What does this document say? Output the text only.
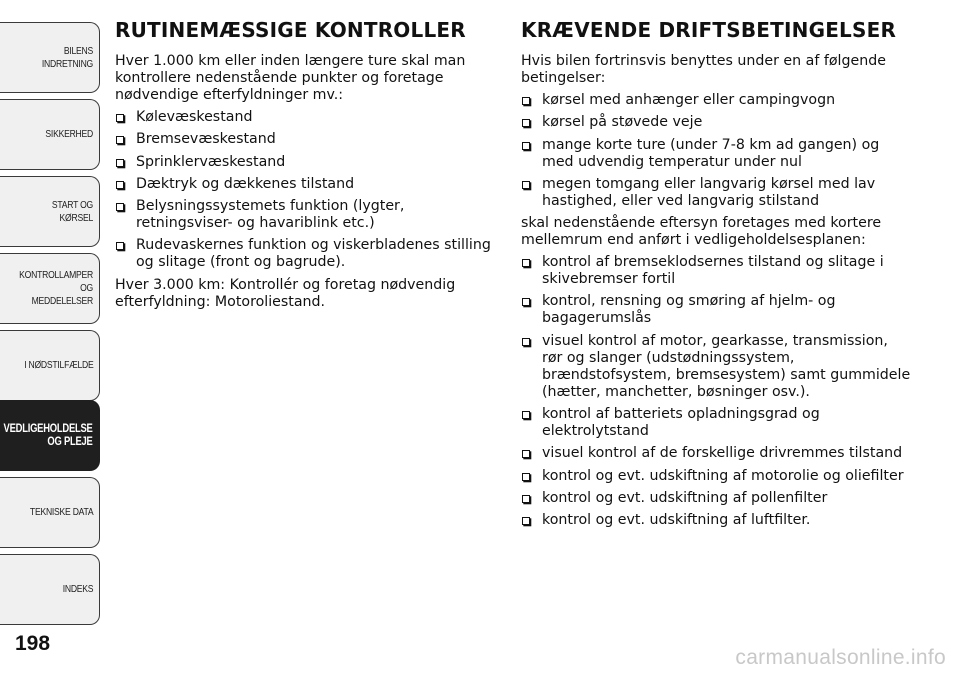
BILENS INDRETNING
SIKKERHED
START OG KØRSEL
KONTROLLAMPER
OG MEDDELELSER
I NØDSTILFÆLDE
VEDLIGEHOLDELSE
OG PLEJE
TEKNISKE DATA
INDEKS
198
RUTINEMÆSSIGE KONTROLLER

Hver 1.000 km eller inden længere ture skal man kontrollere nedenstående punkter og foretage nødvendige efterfyldninger mv.:

Kølevæskestand
Bremsevæskestand
Sprinklervæskestand
Dæktryk og dækkenes tilstand
Belysningssystemets funktion (lygter, retningsviser- og havariblink etc.)
Rudevaskernes funktion og viskerbladenes stilling og slitage (front og bagrude).

Hver 3.000 km: Kontrollér og foretag nødvendig efterfyldning: Motoroliestand.

KRÆVENDE DRIFTSBETINGELSER

Hvis bilen fortrinsvis benyttes under en af følgende betingelser:

kørsel med anhænger eller campingvogn
kørsel på støvede veje
mange korte ture (under 7-8 km ad gangen) og med udvendig temperatur under nul
megen tomgang eller langvarig kørsel med lav hastighed, eller ved langvarig stilstand

skal nedenstående eftersyn foretages med kortere mellemrum end anført i vedligeholdelsesplanen:

kontrol af bremseklodsernes tilstand og slitage i skivebremser fortil
kontrol, rensning og smøring af hjelm- og bagagerumslås
visuel kontrol af motor, gearkasse, transmission, rør og slanger (udstødningssystem, brændstofsystem, bremsesystem) samt gummidele (hætter, manchetter, bøsninger osv.).
kontrol af batteriets opladningsgrad og elektrolytstand
visuel kontrol af de forskellige drivremmes tilstand
kontrol og evt. udskiftning af motorolie og oliefilter
kontrol og evt. udskiftning af pollenfilter
kontrol og evt. udskiftning af luftfilter.
carmanualsonline.info
